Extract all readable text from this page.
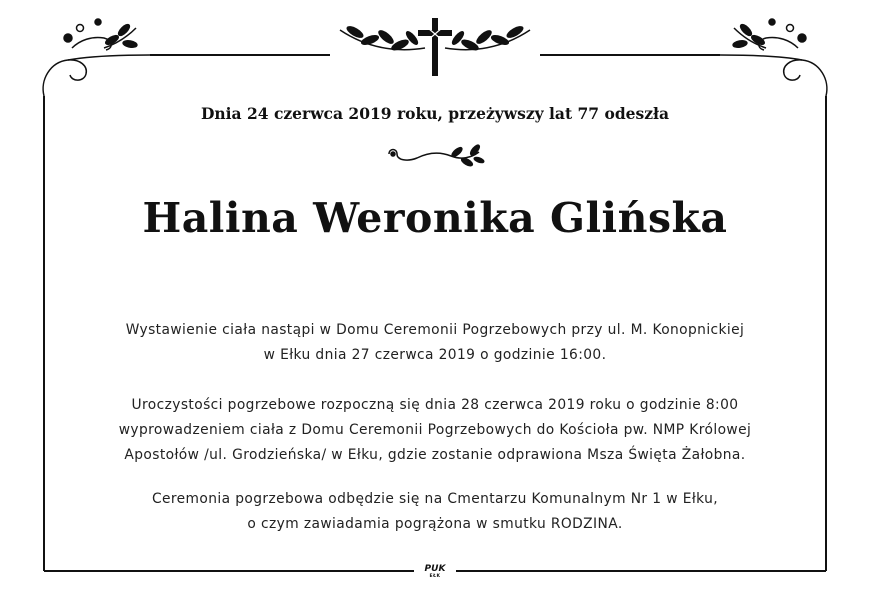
Dnia 24 czerwca 2019 roku, przeżywszy lat 77 odeszła
Halina Weronika Glińska
Wystawienie ciała nastąpi w Domu Ceremonii Pogrzebowych przy ul. M. Konopnickiej
w Ełku dnia 27 czerwca 2019 o godzinie 16:00.
Uroczystości pogrzebowe rozpoczną się dnia 28 czerwca 2019 roku o godzinie 8:00
wyprowadzeniem ciała z Domu Ceremonii Pogrzebowych do Kościoła pw. NMP Królowej
Apostołów /ul. Grodzieńska/ w Ełku, gdzie zostanie odprawiona Msza Święta Żałobna.
Ceremonia pogrzebowa odbędzie się na Cmentarzu Komunalnym Nr 1 w Ełku,
o czym zawiadamia pogrążona w smutku RODZINA.
PUK
EŁK
